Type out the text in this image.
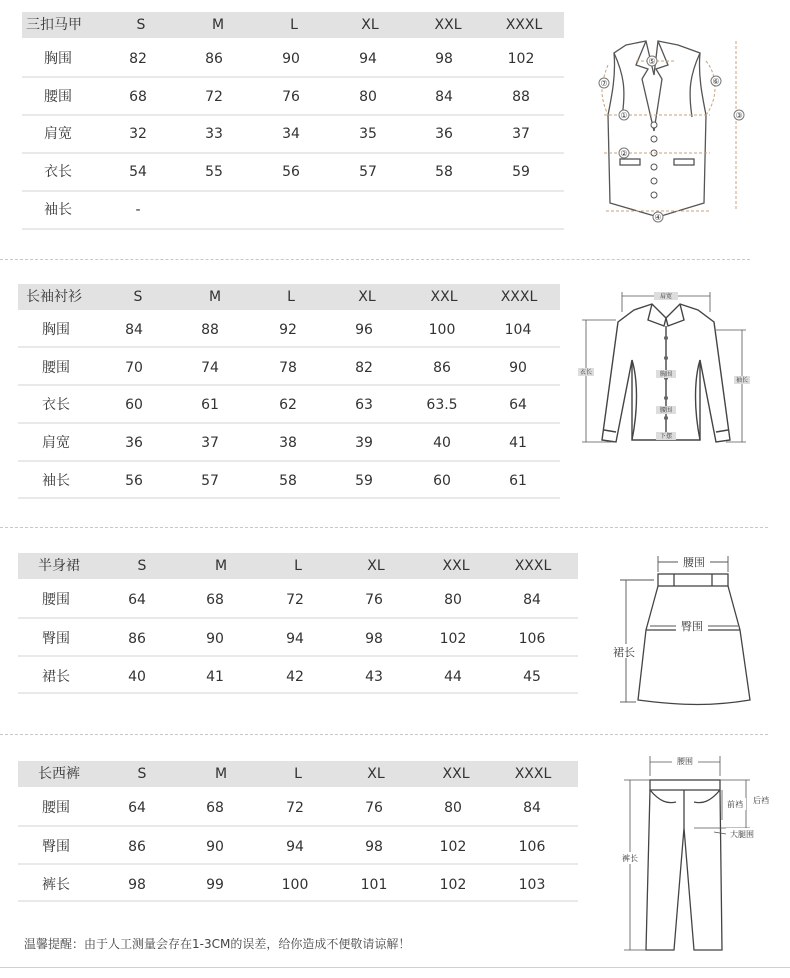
三扣马甲	S	M	L	XL	XXL	XXXL
胸围	82	86	90	94	98	102
腰围	68	72	76	80	84	88
肩宽	32	33	34	35	36	37
衣长	54	55	56	57	58	59
袖长	-
①
②
③
④
⑤
⑥
⑦
长袖衬衫	S	M	L	XL	XXL	XXXL
胸围	84	88	92	96	100	104
腰围	70	74	78	82	86	90
衣长	60	61	62	63	63.5	64
肩宽	36	37	38	39	40	41
袖长	56	57	58	59	60	61
肩宽
衣长
袖长
胸围
腰围
下摆
半身裙	S	M	L	XL	XXL	XXXL
腰围	64	68	72	76	80	84
臀围	86	90	94	98	102	106
裙长	40	41	42	43	44	45
腰围
臀围
裙长
长西裤	S	M	L	XL	XXL	XXXL
腰围	64	68	72	76	80	84
臀围	86	90	94	98	102	106
裤长	98	99	100	101	102	103
腰围
前裆 后裆
大腿围
裤长
温馨提醒：由于人工测量会存在1-3CM的误差，给你造成不便敬请谅解！
